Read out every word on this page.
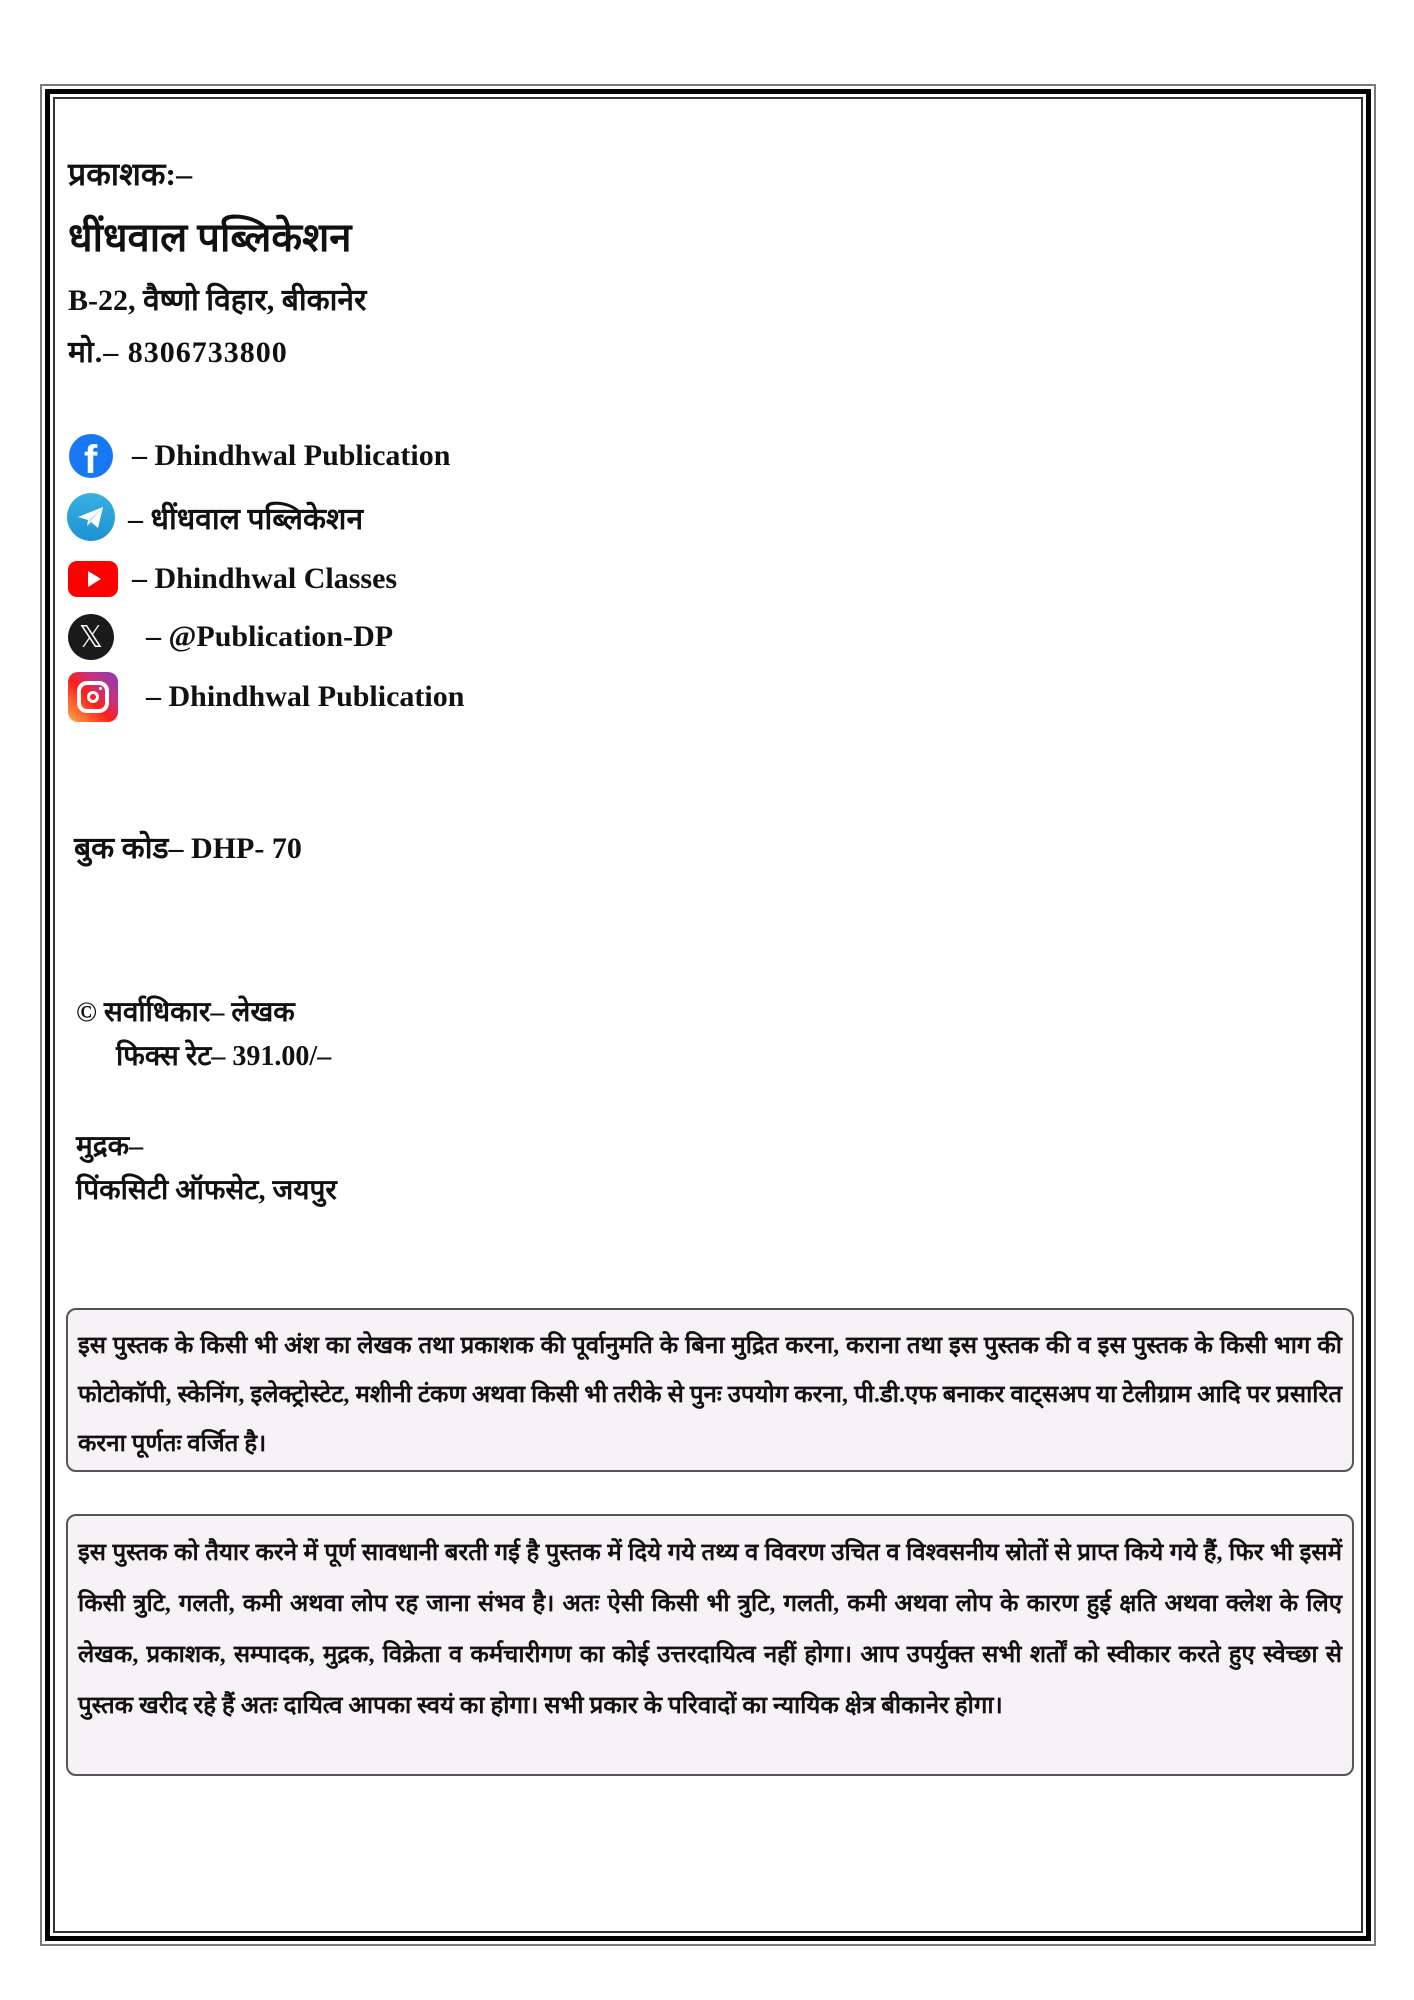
प्रकाशक:–
धींधवाल पब्लिकेशन
B-22, वैष्णो विहार, बीकानेर
मो.– 8306733800
f – Dhindhwal Publication
– धींधवाल पब्लिकेशन
– Dhindhwal Classes
𝕏	– @Publication-DP
– Dhindhwal Publication
बुक कोड– DHP- 70
© सर्वाधिकार– लेखक
फिक्स रेट– 391.00/–
मुद्रक–
पिंकसिटी ऑफसेट, जयपुर
इस पुस्तक के किसी भी अंश का लेखक तथा प्रकाशक की पूर्वानुमति के बिना मुद्रित करना, कराना तथा इस पुस्तक की व इस पुस्तक के किसी भाग की फोटोकॉपी, स्केनिंग, इलेक्ट्रोस्टेट, मशीनी टंकण अथवा किसी भी तरीके से पुनः उपयोग करना, पी.डी.एफ बनाकर वाट्सअप या टेलीग्राम आदि पर प्रसारित करना पूर्णतः वर्जित है।
इस पुस्तक को तैयार करने में पूर्ण सावधानी बरती गई है पुस्तक में दिये गये तथ्य व विवरण उचित व विश्वसनीय स्रोतों से प्राप्त किये गये हैं, फिर भी इसमें किसी त्रुटि, गलती, कमी अथवा लोप रह जाना संभव है। अतः ऐसी किसी भी त्रुटि, गलती, कमी अथवा लोप के कारण हुई क्षति अथवा क्लेश के लिए लेखक, प्रकाशक, सम्पादक, मुद्रक, विक्रेता व कर्मचारीगण का कोई उत्तरदायित्व नहीं होगा। आप उपर्युक्त सभी शर्तों को स्वीकार करते हुए स्वेच्छा से पुस्तक खरीद रहे हैं अतः दायित्व आपका स्वयं का होगा। सभी प्रकार के परिवादों का न्यायिक क्षेत्र बीकानेर होगा।
